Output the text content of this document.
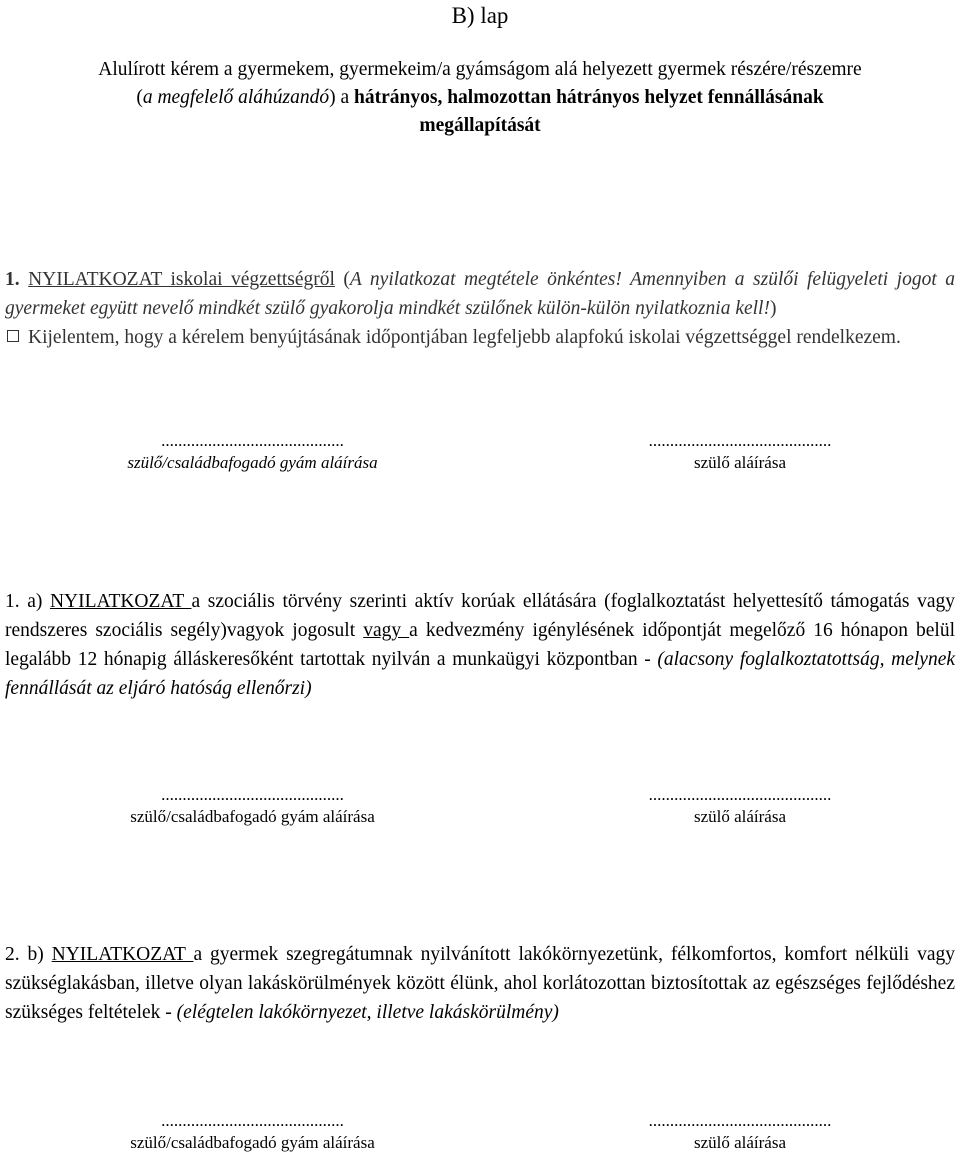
B) lap
Alulírott kérem a gyermekem, gyermekeim/a gyámságom alá helyezett gyermek részére/részemre
(a megfelelő aláhúzandó) a hátrányos, halmozottan hátrányos helyzet fennállásának
megállapítását

1. NYILATKOZAT iskolai végzettségről (A nyilatkozat megtétele önkéntes! Amennyiben a szülői felügyeleti jogot a gyermeket együtt nevelő mindkét szülő gyakorolja mindkét szülőnek külön-külön nyilatkoznia kell!)

Kijelentem, hogy a kérelem benyújtásának időpontjában legfeljebb alapfokú iskolai végzettséggel rendelkezem.

...........................................
szülő/családbafogadó gyám aláírása
...........................................
szülő aláírása

1. a) NYILATKOZAT a szociális törvény szerinti aktív korúak ellátására (foglalkoztatást helyettesítő támogatás vagy rendszeres szociális segély)vagyok jogosult vagy a kedvezmény igénylésének időpontját megelőző 16 hónapon belül legalább 12 hónapig álláskeresőként tartottak nyilván a munkaügyi központban - (alacsony foglalkoztatottság, melynek fennállását az eljáró hatóság ellenőrzi)

...........................................
szülő/családbafogadó gyám aláírása
...........................................
szülő aláírása

2. b) NYILATKOZAT a gyermek szegregátumnak nyilvánított lakókörnyezetünk, félkomfortos, komfort nélküli vagy szükséglakásban, illetve olyan lakáskörülmények között élünk, ahol korlátozottan biztosítottak az egészséges fejlődéshez szükséges feltételek - (elégtelen lakókörnyezet, illetve lakáskörülmény)

...........................................
szülő/családbafogadó gyám aláírása
...........................................
szülő aláírása
